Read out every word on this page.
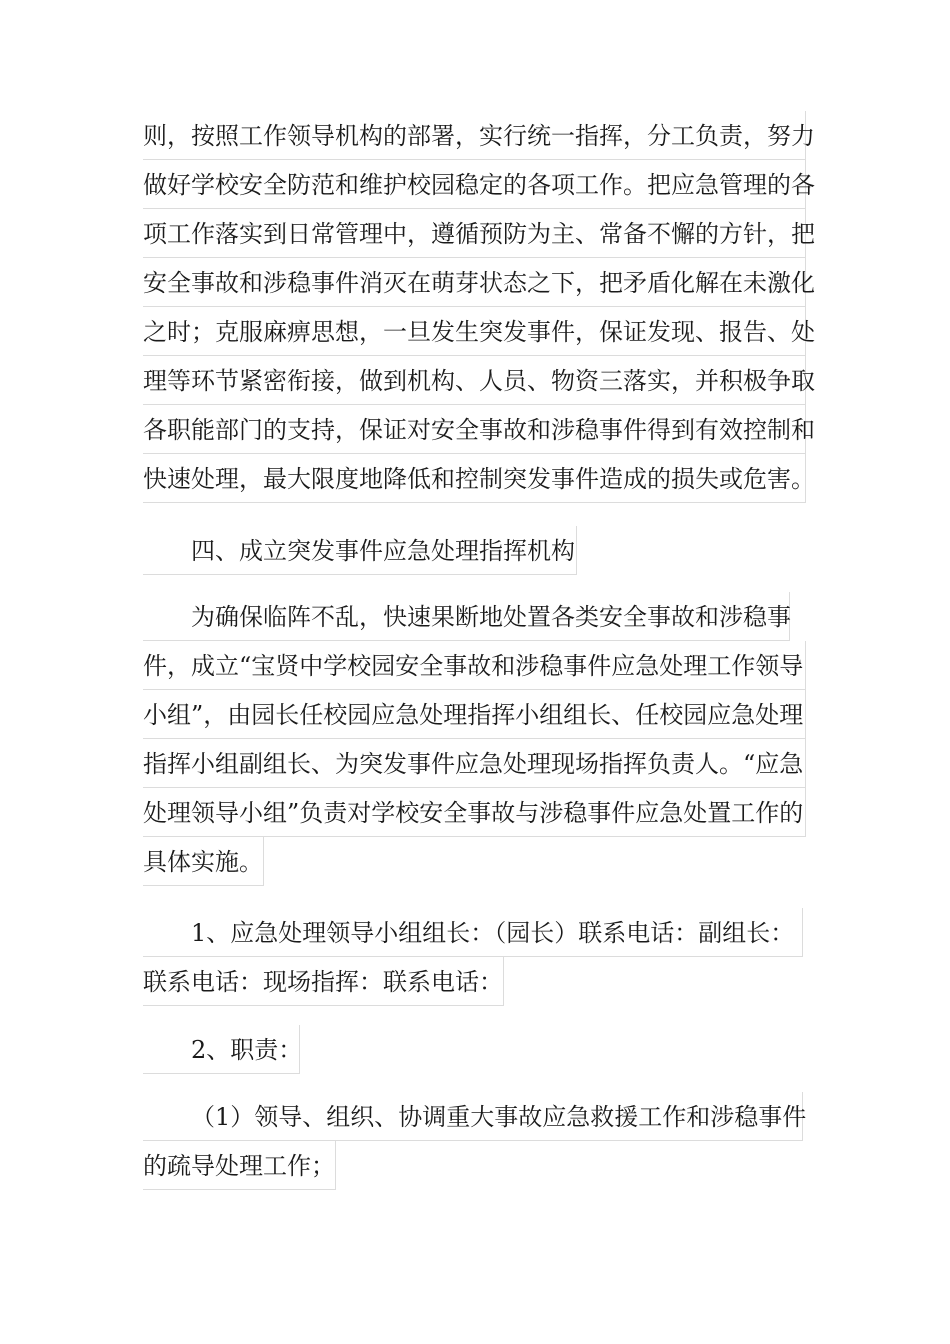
则，按照工作领导机构的部署，实行统一指挥，分工负责，努力
做好学校安全防范和维护校园稳定的各项工作。把应急管理的各
项工作落实到日常管理中，遵循预防为主、常备不懈的方针，把
安全事故和涉稳事件消灭在萌芽状态之下，把矛盾化解在未激化
之时；克服麻痹思想，一旦发生突发事件，保证发现、报告、处
理等环节紧密衔接，做到机构、人员、物资三落实，并积极争取
各职能部门的支持，保证对安全事故和涉稳事件得到有效控制和
快速处理，最大限度地降低和控制突发事件造成的损失或危害。
四、成立突发事件应急处理指挥机构
为确保临阵不乱，快速果断地处置各类安全事故和涉稳事
件，成立“宝贤中学校园安全事故和涉稳事件应急处理工作领导
小组”，由园长任校园应急处理指挥小组组长、任校园应急处理
指挥小组副组长、为突发事件应急处理现场指挥负责人。“应急
处理领导小组”负责对学校安全事故与涉稳事件应急处置工作的
具体实施。
1、应急处理领导小组组长：（园长）联系电话：副组长：
联系电话：现场指挥：联系电话：
2、职责：
（1）领导、组织、协调重大事故应急救援工作和涉稳事件
的疏导处理工作；
